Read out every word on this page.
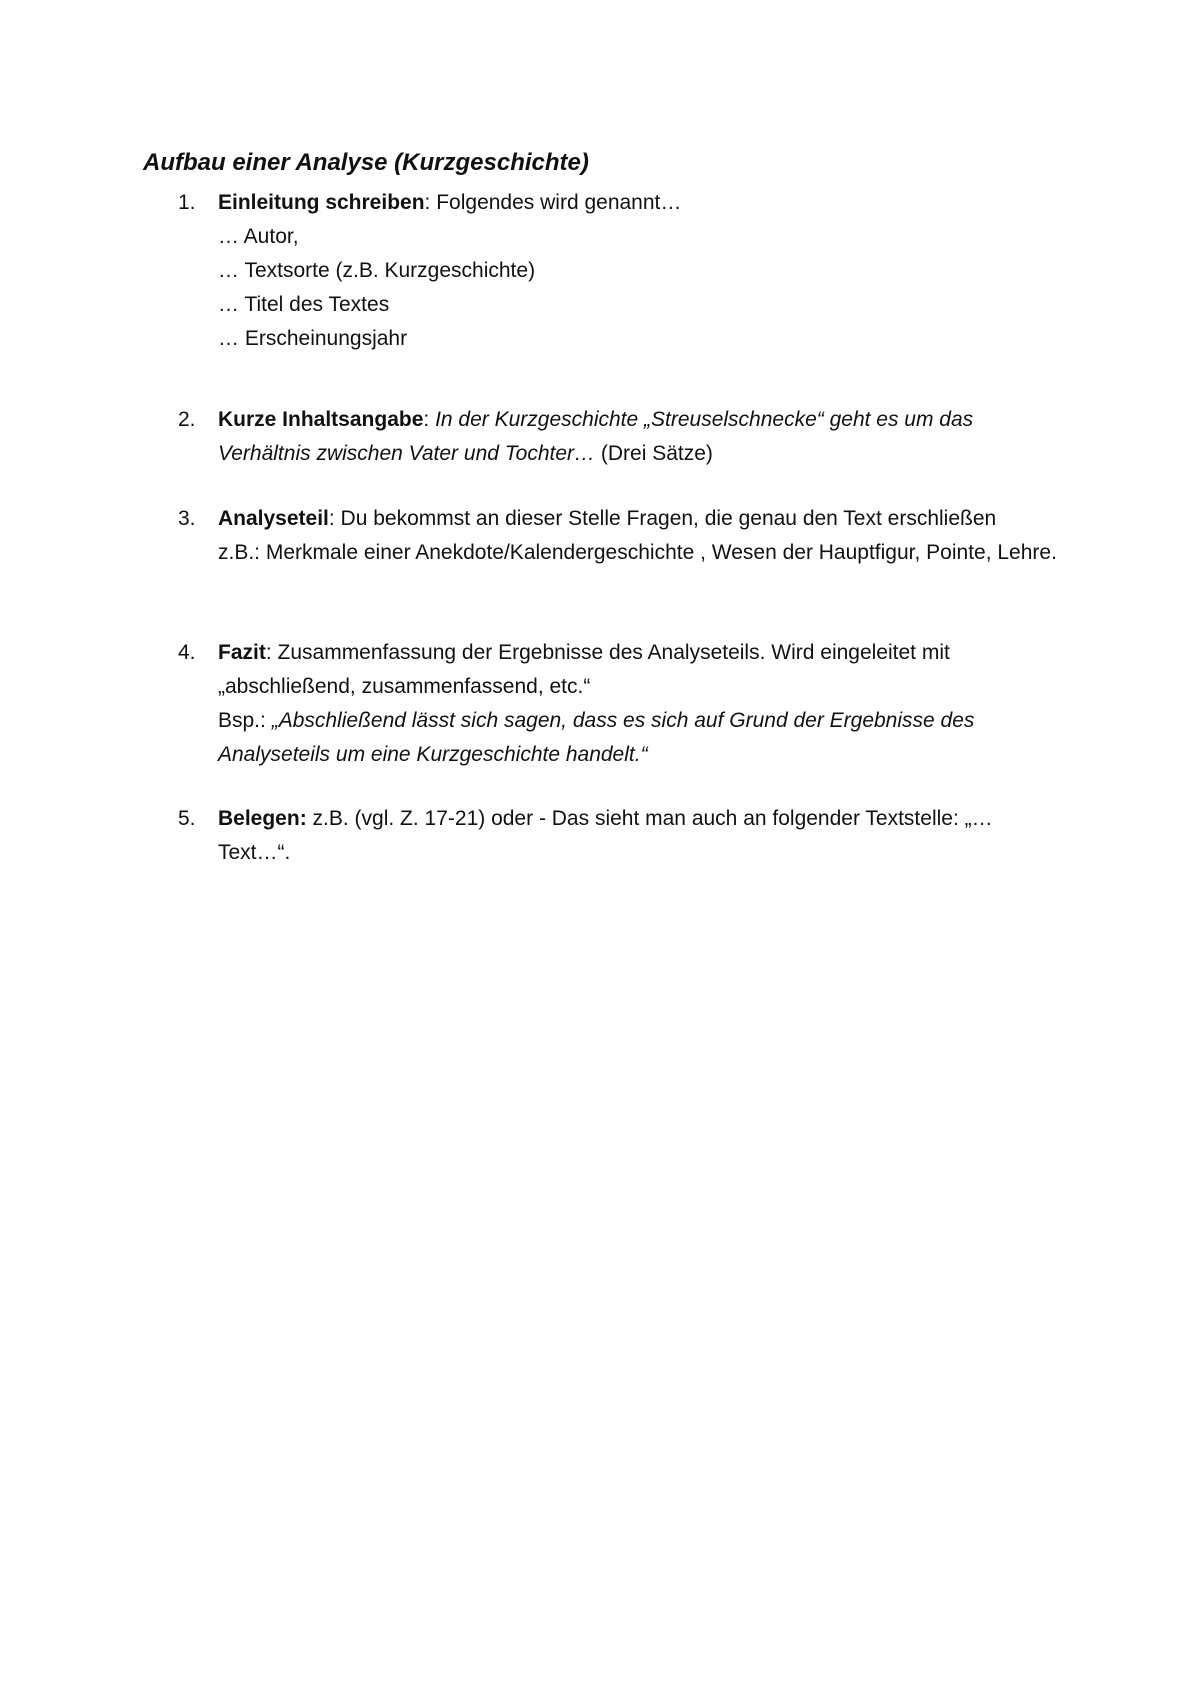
Aufbau einer Analyse (Kurzgeschichte)
1.	Einleitung schreiben: Folgendes wird genannt…
… Autor,
… Textsorte (z.B. Kurzgeschichte)
… Titel des Textes
… Erscheinungsjahr
2.	Kurze Inhaltsangabe: In der Kurzgeschichte „Streuselschnecke“ geht es um das Verhältnis zwischen Vater und Tochter… (Drei Sätze)
3.	Analyseteil: Du bekommst an dieser Stelle Fragen, die genau den Text erschließen
z.B.: Merkmale einer Anekdote/Kalendergeschichte , Wesen der Hauptfigur, Pointe, Lehre.
4.	Fazit: Zusammenfassung der Ergebnisse des Analyseteils. Wird eingeleitet mit „abschließend, zusammenfassend, etc.“
Bsp.: „Abschließend lässt sich sagen, dass es sich auf Grund der Ergebnisse des Analyseteils um eine Kurzgeschichte handelt.“
5.	Belegen: z.B. (vgl. Z. 17-21) oder - Das sieht man auch an folgender Textstelle: „… Text…“.
